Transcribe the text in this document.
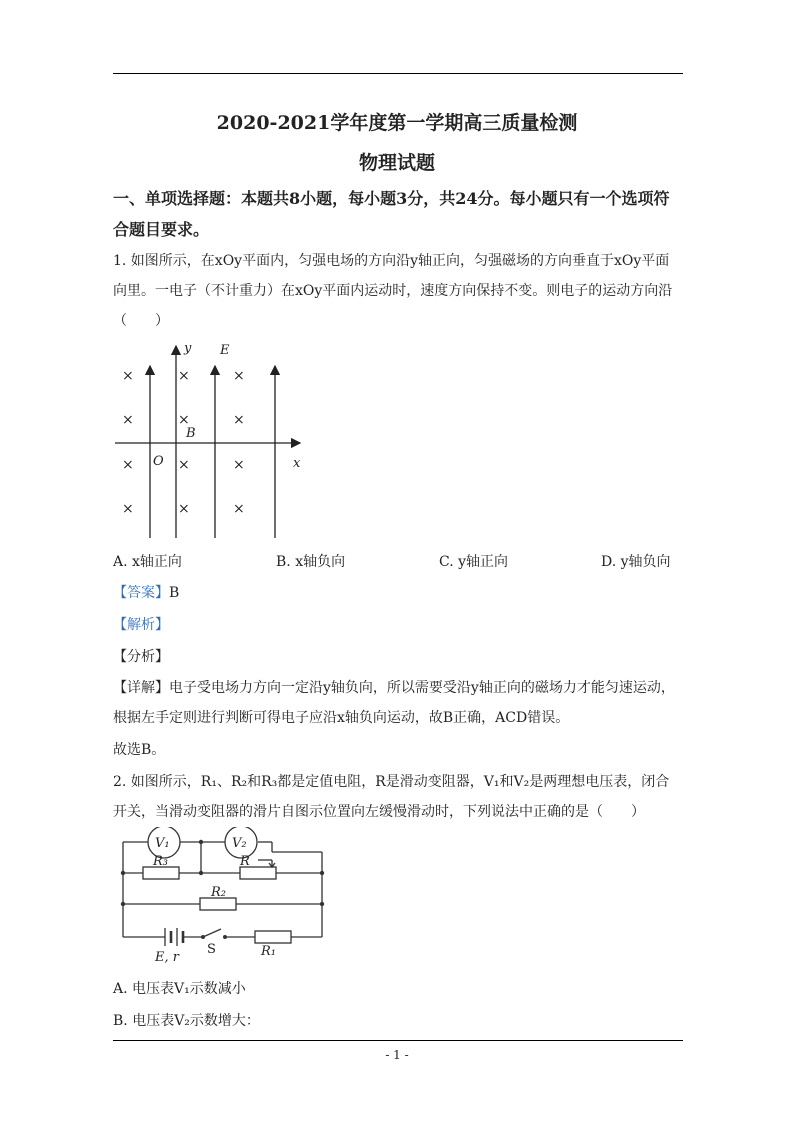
2020-2021学年度第一学期高三质量检测
物理试题
一、单项选择题：本题共8小题，每小题3分，共24分。每小题只有一个选项符
合题目要求。
1. 如图所示，在xOy平面内，匀强电场的方向沿y轴正向，匀强磁场的方向垂直于xOy平面
向里。一电子（不计重力）在xOy平面内运动时，速度方向保持不变。则电子的运动方向沿
（　　）
×	×	×
×	×	×
×	×	×
×	×	×
y E
B
O	x
A. x轴正向	B. x轴负向	C. y轴正向	D. y轴负向
【答案】B
【解析】
【分析】
【详解】电子受电场力方向一定沿y轴负向，所以需要受沿y轴正向的磁场力才能匀速运动，
根据左手定则进行判断可得电子应沿x轴负向运动，故B正确，ACD错误。
故选B。
2. 如图所示，R₁、R₂和R₃都是定值电阻，R是滑动变阻器，V₁和V₂是两理想电压表，闭合
开关，当滑动变阻器的滑片自图示位置向左缓慢滑动时，下列说法中正确的是（　　）
V₁	V₂
R₃	R
R₂
R₁
S
E, r
A. 电压表V₁示数减小
B. 电压表V₂示数增大：
- 1 -
